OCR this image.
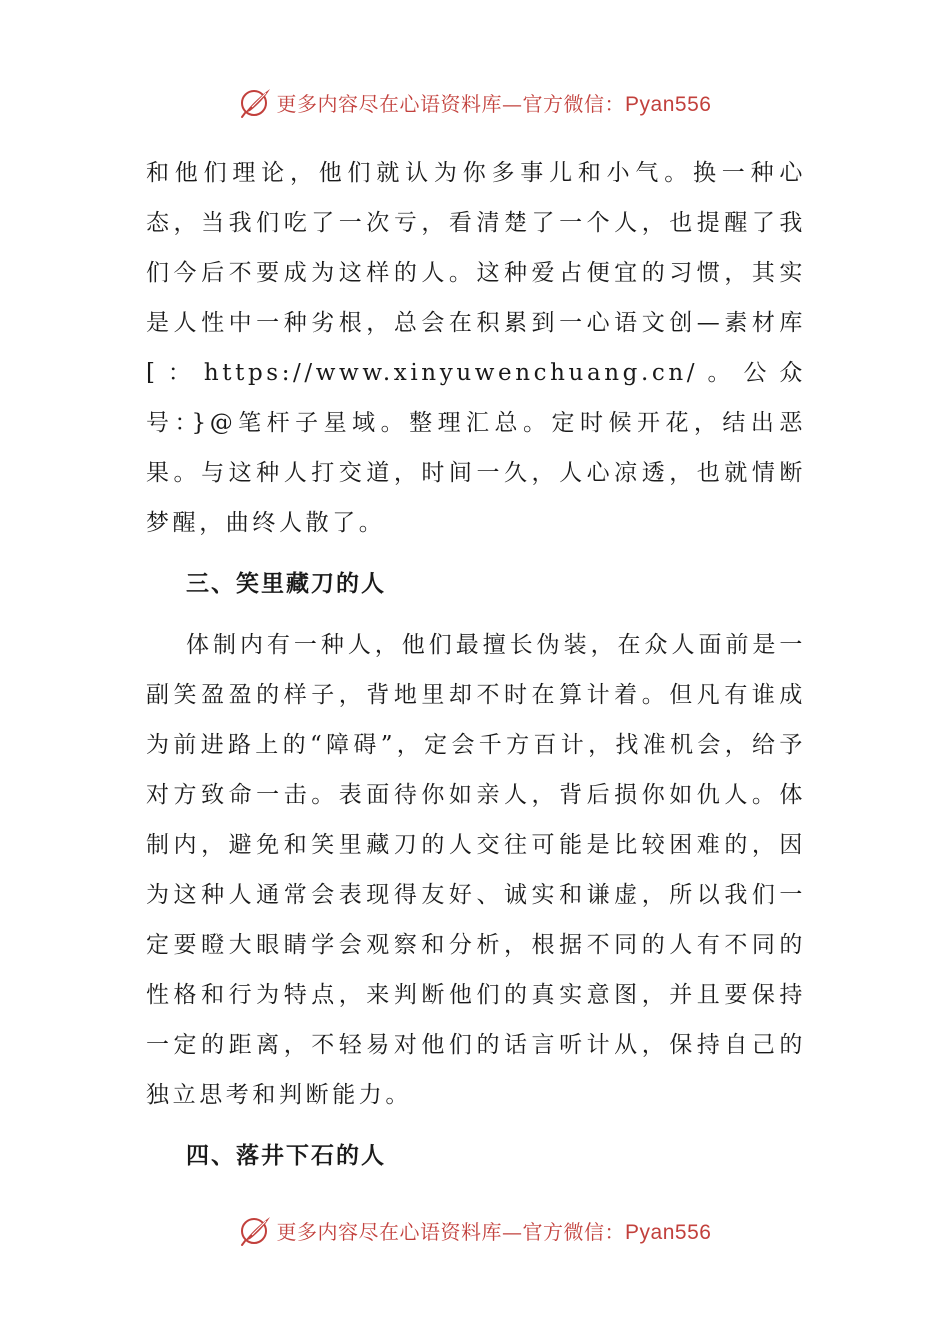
更多内容尽在心语资料库—官方微信：Pyan556

和他们理论，他们就认为你多事儿和小气。换一种心态，当我们吃了一次亏，看清楚了一个人，也提醒了我们今后不要成为这样的人。这种爱占便宜的习惯，其实是人性中一种劣根，总会在积累到一心语文创—素材库[：https://www.xinyuwenchuang.cn/。公众号：}@笔杆子星域。整理汇总。定时候开花，结出恶果。与这种人打交道，时间一久，人心凉透，也就情断梦醒，曲终人散了。

三、笑里藏刀的人

体制内有一种人，他们最擅长伪装，在众人面前是一副笑盈盈的样子，背地里却不时在算计着。但凡有谁成为前进路上的“障碍”，定会千方百计，找准机会，给予对方致命一击。表面待你如亲人，背后损你如仇人。体制内，避免和笑里藏刀的人交往可能是比较困难的，因为这种人通常会表现得友好、诚实和谦虚，所以我们一定要瞪大眼睛学会观察和分析，根据不同的人有不同的性格和行为特点，来判断他们的真实意图，并且要保持一定的距离，不轻易对他们的话言听计从，保持自己的独立思考和判断能力。

四、落井下石的人
更多内容尽在心语资料库—官方微信：Pyan556
